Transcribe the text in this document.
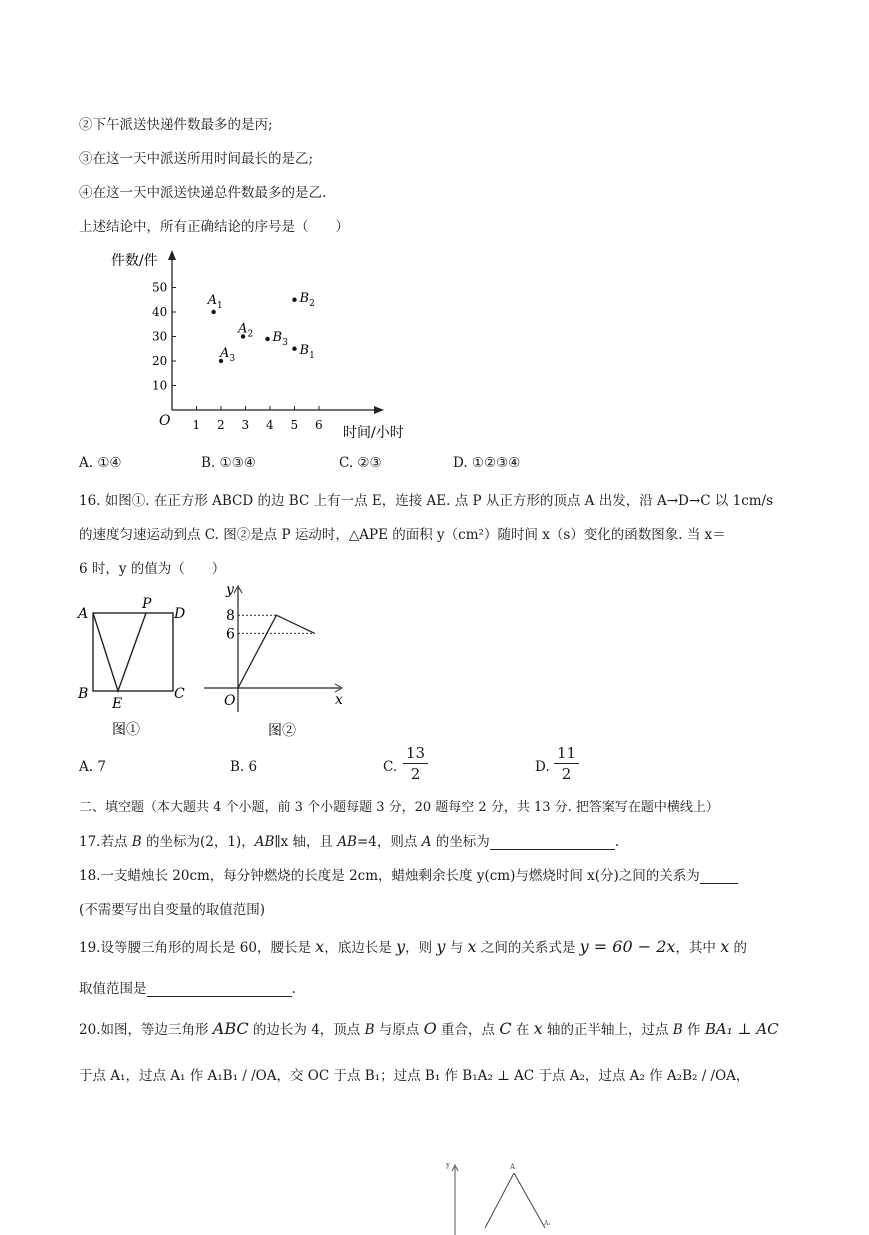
②下午派送快递件数最多的是丙;
③在这一天中派送所用时间最长的是乙;
④在这一天中派送快递总件数最多的是乙.
上述结论中，所有正确结论的序号是（　　）
件数/件
时间/小时
O 1 2 3 4 5 6
10
20
30
40
50
$A_1$
$A_2$
$A_3$
$B_1$
$B_2$
$B_3$
A. ①④	B. ①③④	C. ②③	D. ①②③④
16. 如图①. 在正方形 ABCD 的边 BC 上有一点 E，连接 AE. 点 P 从正方形的顶点 A 出发，沿 A→D→C 以 1cm/s
的速度匀速运动到点 C. 图②是点 P 运动时，△APE 的面积 y（cm²）随时间 x（s）变化的函数图象. 当 x＝
6 时，y 的值为（　　）
A
P
D
B
E
C
图①
y
x
O
6
8
图②
A. 7	B. 6	C. $\frac{13}{2}$	D. $\frac{11}{2}$
二、填空题（本大题共 4 个小题，前 3 个小题每题 3 分，20 题每空 2 分，共 13 分. 把答案写在题中横线上）
17.若点 B 的坐标为(2，1)，AB∥x 轴，且 AB=4，则点 A 的坐标为	.
18.一支蜡烛长 20cm，每分钟燃烧的长度是 2cm，蜡烛剩余长度 y(cm)与燃烧时间 x(分)之间的关系为
(不需要写出自变量的取值范围)
19.设等腰三角形的周长是 60，腰长是 x，底边长是 y，则 y 与 x 之间的关系式是 y = 60 − 2x，其中 x 的
取值范围是	.
20.如图，等边三角形 ABC 的边长为 4，顶点 B 与原点 O 重合，点 C 在 x 轴的正半轴上，过点 B 作 BA₁ ⊥ AC
于点 A₁，过点 A₁ 作 A₁B₁ / /OA，交 OC 于点 B₁；过点 B₁ 作 B₁A₂ ⊥ AC 于点 A₂，过点 A₂ 作 A₂B₂ / /OA，
y	A
A₁
